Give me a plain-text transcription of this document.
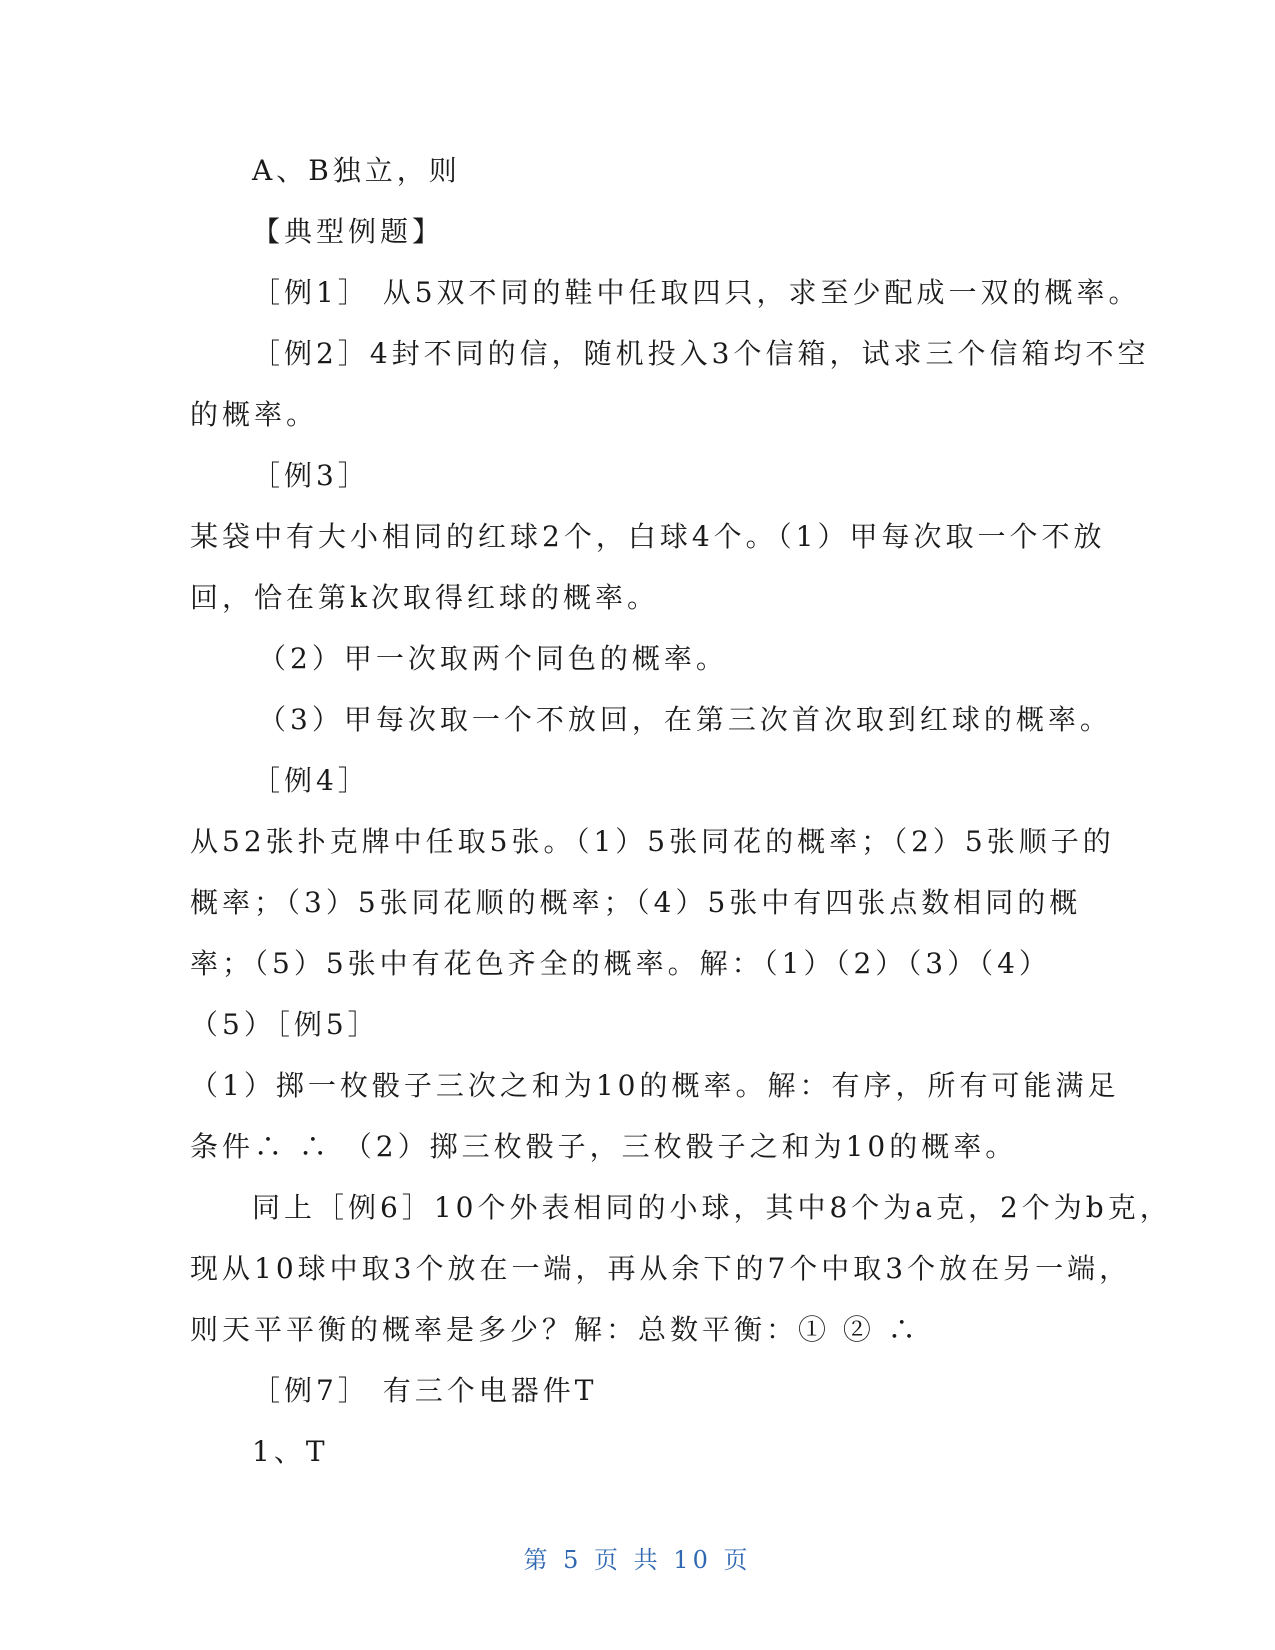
A、B独立，则
【典型例题】
［例1］ 从5双不同的鞋中任取四只，求至少配成一双的概率。
［例2］4封不同的信，随机投入3个信箱，试求三个信箱均不空
的概率。
［例3］
某袋中有大小相同的红球2个，白球4个。（1）甲每次取一个不放
回，恰在第k次取得红球的概率。
（2）甲一次取两个同色的概率。
（3）甲每次取一个不放回，在第三次首次取到红球的概率。
［例4］
从52张扑克牌中任取5张。（1）5张同花的概率；（2）5张顺子的
概率；（3）5张同花顺的概率；（4）5张中有四张点数相同的概
率；（5）5张中有花色齐全的概率。解：（1）（2）（3）（4）
（5）［例5］
（1）掷一枚骰子三次之和为10的概率。解：有序，所有可能满足
条件∴ ∴ （2）掷三枚骰子，三枚骰子之和为10的概率。
同上［例6］10个外表相同的小球，其中8个为a克，2个为b克，
现从10球中取3个放在一端，再从余下的7个中取3个放在另一端，
则天平平衡的概率是多少？解：总数平衡：① ② ∴
［例7］ 有三个电器件T
1、T
第 5 页 共 10 页
